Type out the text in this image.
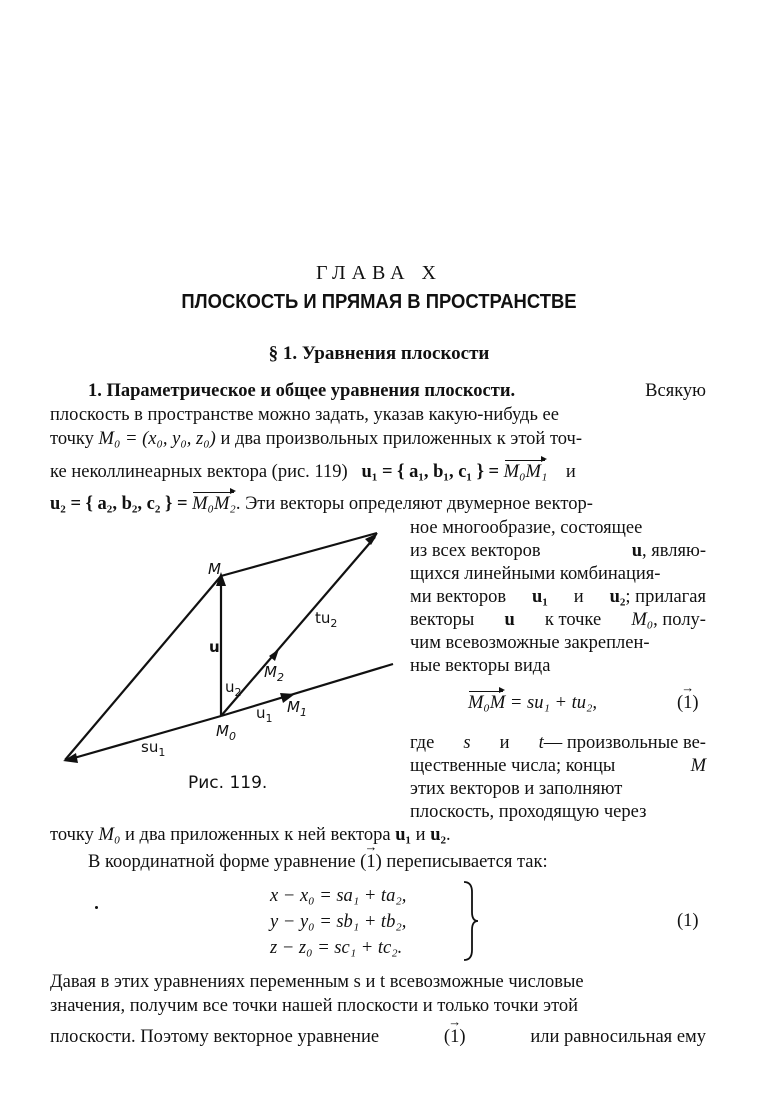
ГЛАВА X
ПЛОСКОСТЬ И ПРЯМАЯ В ПРОСТРАНСТВЕ
§ 1. Уравнения плоскости
1. Параметрическое и общее уравнения плоскости.	Всякую
плоскость в пространстве можно задать, указав какую-нибудь ее
точку M₀ = (x₀, y₀, z₀) и два произвольных приложенных к этой точ-
ке неколлинеарных вектора (рис. 119) u₁ = { a₁, b₁, c₁ } = M₀M₁ и
u₂ = { a₂, b₂, c₂ } = M₀M₂. Эти векторы определяют двумерное вектор-
ное многообразие, состоящее
из всех векторов	u, являю-
щихся линейными комбинация-
ми векторов u₁ и u₂; прилагая
векторы u к точке M₀, полу-
чим всевозможные закреплен-
ные векторы вида
M₀M = su₁ + tu₂,	→ (1)
где s и t— произвольные ве-
щественные числа; концы	M
этих векторов и заполняют
плоскость, проходящую через
точку M₀ и два приложенных к ней вектора u₁ и u₂.
M
u
$tu_2$
$M_2$
$u_2$
$u_1$
$M_1$
$M_0$
$su_1$
Рис. 119.
В координатной форме уравнение → (1) переписывается так:
x − x₀ = sa₁ + ta₂,
y − y₀ = sb₁ + tb₂,
z − z₀ = sc₁ + tc₂.
(1)
Давая в этих уравнениях переменным s и t всевозможные числовые
значения, получим все точки нашей плоскости и только точки этой
плоскости. Поэтому векторное уравнение	→ (1)	или равносильная ему
